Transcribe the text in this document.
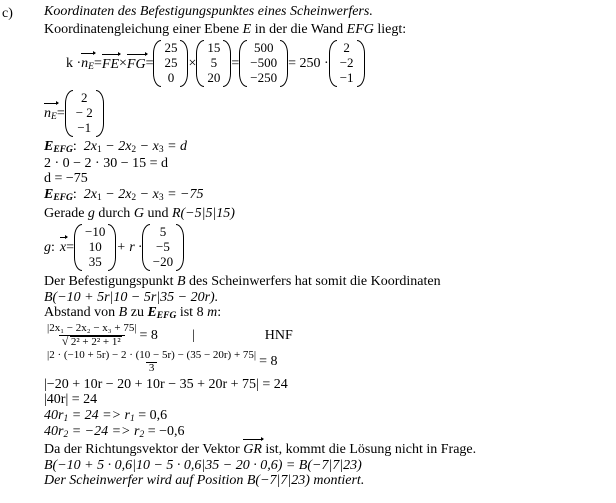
c) Koordinaten des Befestigungspunktes eines Scheinwerfers.
Koordinatengleichung einer Ebene E in der die Wand EFG liegt:
$k \cdot n_E$ = FE × FG =
25
25
0
×
15
5
20
=
500
−500
−250
= 250 ·
2
−2
−1
$n_E$ =
2
− 2
−1
$E_{EFG}$: $2x_1 - 2x_2 - x_3 = d$
2 · 0 − 2 · 30 − 15 = d
d = −75
$E_{EFG}$: $2x_1 - 2x_2 - x_3 = -75$
Gerade g durch G und R(−5|5|15)
g : x =
−10
10
35
+ r ·
5
−5
−20
Der Befestigungspunkt B des Scheinwerfers hat somit die Koordinaten
B(−10 + 5r|10 − 5r|35 − 20r).
Abstand von B zu $E_{EFG}$ ist 8 m:
|2x₁ − 2x₂ − x₃ + 75|
√ 2² + 2² + 1² = 8 |	HNF
$\frac{|2 \cdot (-10 + 5r) - 2 \cdot (10 - 5r) - (35 - 20r) + 75|}{3} = 8$
|−20 + 10r − 20 + 10r − 35 + 20r + 75| = 24
|40r| = 24
$40r_1 = 24 => r_1 = 0,6$
$40r_2 = -24 => r_2 = -0,6$
Da der Richtungsvektor der Vektor GR ist, kommt die Lösung nicht in Frage.
B(−10 + 5 · 0,6|10 − 5 · 0,6|35 − 20 · 0,6) = B(−7|7|23)
Der Scheinwerfer wird auf Position B(−7|7|23) montiert.
